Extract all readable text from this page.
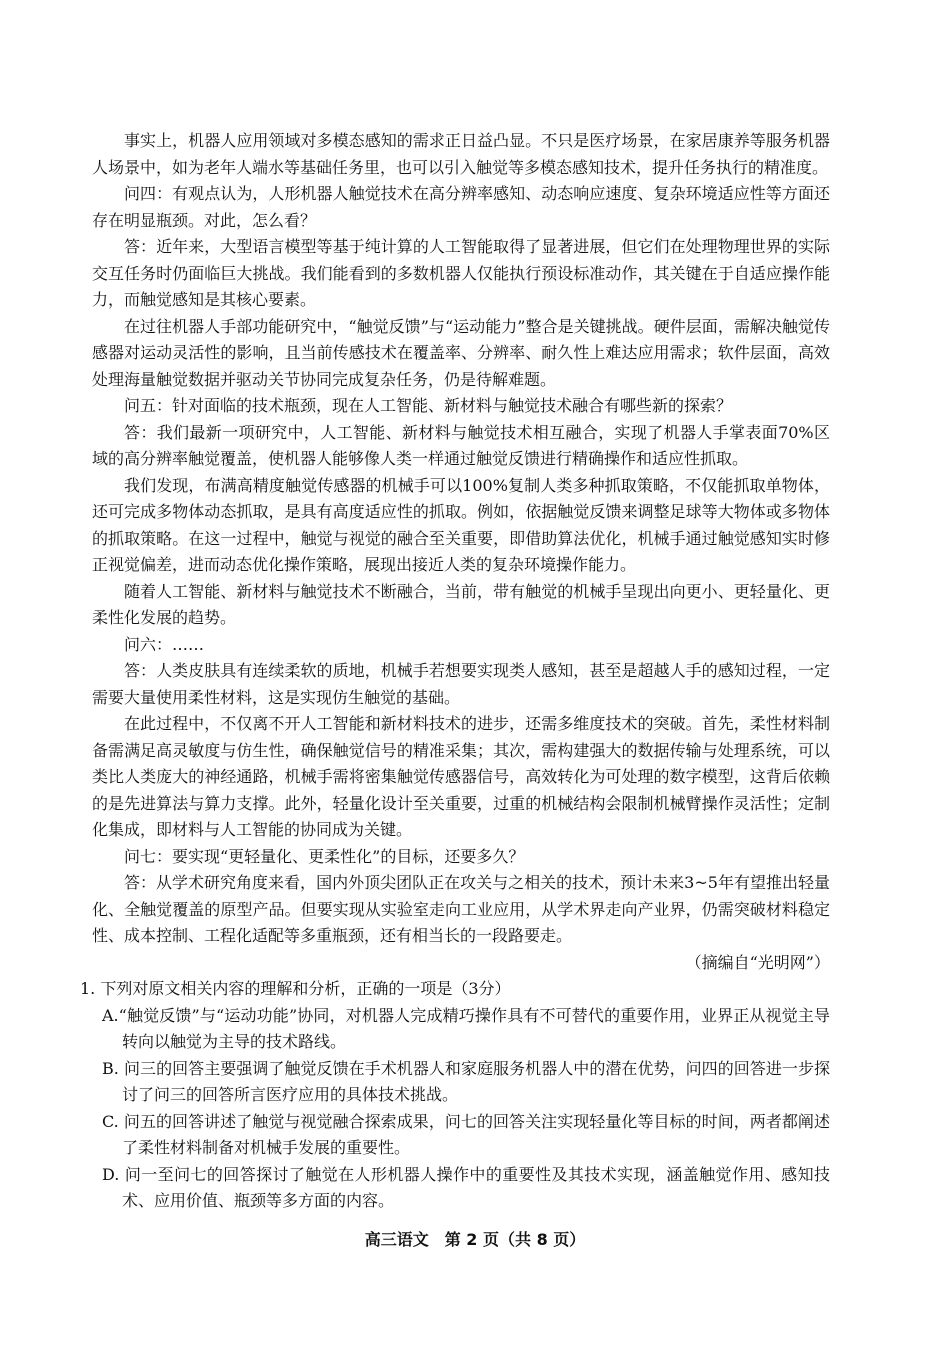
事实上，机器人应用领域对多模态感知的需求正日益凸显。不只是医疗场景，在家居康养等服务机器人场景中，如为老年人端水等基础任务里，也可以引入触觉等多模态感知技术，提升任务执行的精准度。

问四：有观点认为，人形机器人触觉技术在高分辨率感知、动态响应速度、复杂环境适应性等方面还存在明显瓶颈。对此，怎么看？

答：近年来，大型语言模型等基于纯计算的人工智能取得了显著进展，但它们在处理物理世界的实际交互任务时仍面临巨大挑战。我们能看到的多数机器人仅能执行预设标准动作，其关键在于自适应操作能力，而触觉感知是其核心要素。

在过往机器人手部功能研究中，“触觉反馈”与“运动能力”整合是关键挑战。硬件层面，需解决触觉传感器对运动灵活性的影响，且当前传感技术在覆盖率、分辨率、耐久性上难达应用需求；软件层面，高效处理海量触觉数据并驱动关节协同完成复杂任务，仍是待解难题。

问五：针对面临的技术瓶颈，现在人工智能、新材料与触觉技术融合有哪些新的探索？

答：我们最新一项研究中，人工智能、新材料与触觉技术相互融合，实现了机器人手掌表面70%区域的高分辨率触觉覆盖，使机器人能够像人类一样通过触觉反馈进行精确操作和适应性抓取。

我们发现，布满高精度触觉传感器的机械手可以100%复制人类多种抓取策略，不仅能抓取单物体，还可完成多物体动态抓取，是具有高度适应性的抓取。例如，依据触觉反馈来调整足球等大物体或多物体的抓取策略。在这一过程中，触觉与视觉的融合至关重要，即借助算法优化，机械手通过触觉感知实时修正视觉偏差，进而动态优化操作策略，展现出接近人类的复杂环境操作能力。

随着人工智能、新材料与触觉技术不断融合，当前，带有触觉的机械手呈现出向更小、更轻量化、更柔性化发展的趋势。

问六：……

答：人类皮肤具有连续柔软的质地，机械手若想要实现类人感知，甚至是超越人手的感知过程，一定需要大量使用柔性材料，这是实现仿生触觉的基础。

在此过程中，不仅离不开人工智能和新材料技术的进步，还需多维度技术的突破。首先，柔性材料制备需满足高灵敏度与仿生性，确保触觉信号的精准采集；其次，需构建强大的数据传输与处理系统，可以类比人类庞大的神经通路，机械手需将密集触觉传感器信号，高效转化为可处理的数字模型，这背后依赖的是先进算法与算力支撑。此外，轻量化设计至关重要，过重的机械结构会限制机械臂操作灵活性；定制化集成，即材料与人工智能的协同成为关键。

问七：要实现“更轻量化、更柔性化”的目标，还要多久？

答：从学术研究角度来看，国内外顶尖团队正在攻关与之相关的技术，预计未来3~5年有望推出轻量化、全触觉覆盖的原型产品。但要实现从实验室走向工业应用，从学术界走向产业界，仍需突破材料稳定性、成本控制、工程化适配等多重瓶颈，还有相当长的一段路要走。

（摘编自“光明网”）

1. 下列对原文相关内容的理解和分析，正确的一项是（3分）

A.“触觉反馈”与“运动功能”协同，对机器人完成精巧操作具有不可替代的重要作用，业界正从视觉主导转向以触觉为主导的技术路线。

B. 问三的回答主要强调了触觉反馈在手术机器人和家庭服务机器人中的潜在优势，问四的回答进一步探讨了问三的回答所言医疗应用的具体技术挑战。

C. 问五的回答讲述了触觉与视觉融合探索成果，问七的回答关注实现轻量化等目标的时间，两者都阐述了柔性材料制备对机械手发展的重要性。

D. 问一至问七的回答探讨了触觉在人形机器人操作中的重要性及其技术实现，涵盖触觉作用、感知技术、应用价值、瓶颈等多方面的内容。

高三语文　第 2 页（共 8 页）
